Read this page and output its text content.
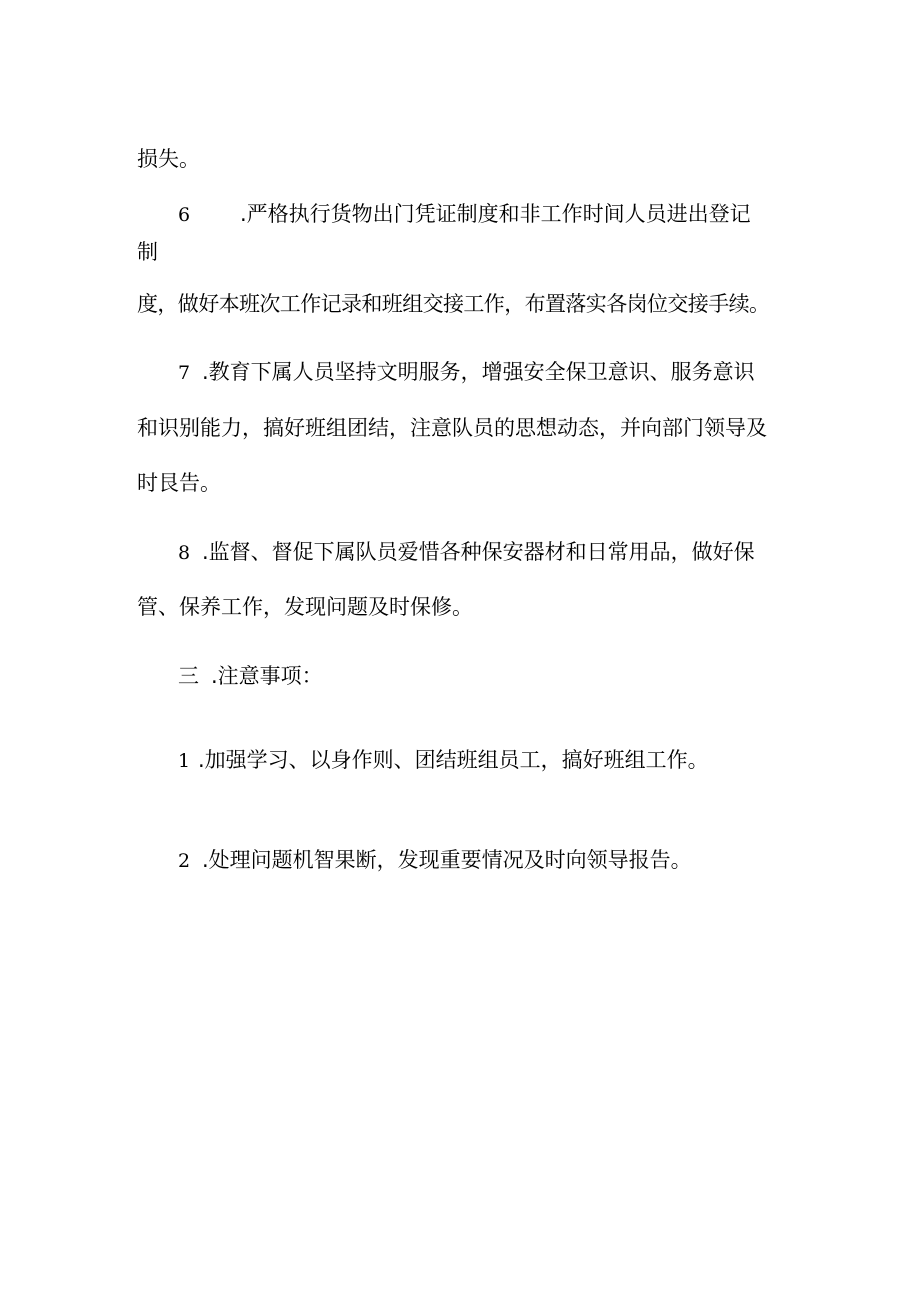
损失。
6 .严格执行货物出门凭证制度和非工作时间人员进出登记
制
度，做好本班次工作记录和班组交接工作，布置落实各岗位交接手续。
7 .教育下属人员坚持文明服务，增强安全保卫意识、服务意识
和识别能力，搞好班组团结，注意队员的思想动态，并向部门领导及
时艮告。
8 .监督、督促下属队员爱惜各种保安器材和日常用品，做好保
管、保养工作，发现问题及时保修。
三 .注意事项：
1 .加强学习、以身作则、团结班组员工，搞好班组工作。
2 .处理问题机智果断，发现重要情况及时向领导报告。
